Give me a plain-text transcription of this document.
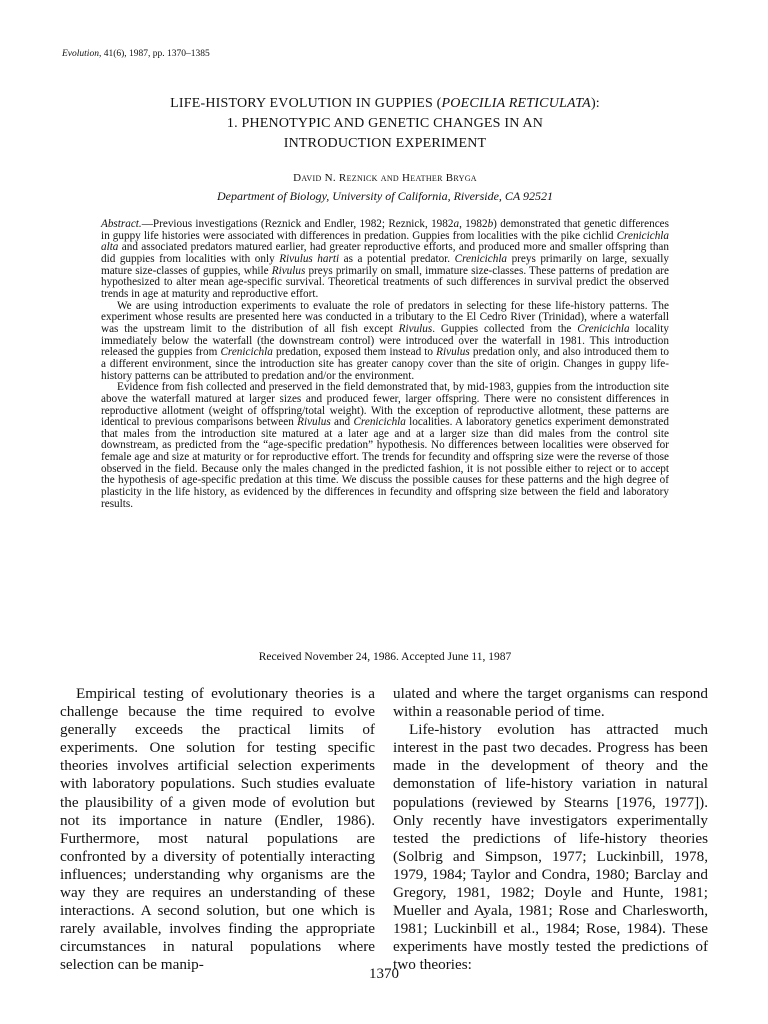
Evolution, 41(6), 1987, pp. 1370–1385
LIFE-HISTORY EVOLUTION IN GUPPIES (POECILIA RETICULATA):
1. PHENOTYPIC AND GENETIC CHANGES IN AN
INTRODUCTION EXPERIMENT
David N. Reznick and Heather Bryga
Department of Biology, University of California, Riverside, CA 92521

Abstract.—Previous investigations (Reznick and Endler, 1982; Reznick, 1982a, 1982b) demonstrated that genetic differences in guppy life histories were associated with differences in predation. Guppies from localities with the pike cichlid Crenicichla alta and associated predators matured earlier, had greater reproductive efforts, and produced more and smaller offspring than did guppies from localities with only Rivulus harti as a potential predator. Crenicichla preys primarily on large, sexually mature size-classes of guppies, while Rivulus preys primarily on small, immature size-classes. These patterns of predation are hypothesized to alter mean age-specific survival. Theoretical treatments of such differences in survival predict the observed trends in age at maturity and reproductive effort.

We are using introduction experiments to evaluate the role of predators in selecting for these life-history patterns. The experiment whose results are presented here was conducted in a tributary to the El Cedro River (Trinidad), where a waterfall was the upstream limit to the distribution of all fish except Rivulus. Guppies collected from the Crenicichla locality immediately below the waterfall (the downstream control) were introduced over the waterfall in 1981. This introduction released the guppies from Crenicichla predation, exposed them instead to Rivulus predation only, and also introduced them to a different environment, since the introduction site has greater canopy cover than the site of origin. Changes in guppy life-history patterns can be attributed to predation and/or the environment.

Evidence from fish collected and preserved in the field demonstrated that, by mid-1983, guppies from the introduction site above the waterfall matured at larger sizes and produced fewer, larger offspring. There were no consistent differences in reproductive allotment (weight of offspring/total weight). With the exception of reproductive allotment, these patterns are identical to previous comparisons between Rivulus and Crenicichla localities. A laboratory genetics experiment demonstrated that males from the introduction site matured at a later age and at a larger size than did males from the control site downstream, as predicted from the “age-specific predation” hypothesis. No differences between localities were observed for female age and size at maturity or for reproductive effort. The trends for fecundity and offspring size were the reverse of those observed in the field. Because only the males changed in the predicted fashion, it is not possible either to reject or to accept the hypothesis of age-specific predation at this time. We discuss the possible causes for these patterns and the high degree of plasticity in the life history, as evidenced by the differences in fecundity and offspring size between the field and laboratory results.

Received November 24, 1986. Accepted June 11, 1987

Empirical testing of evolutionary theories is a challenge because the time required to evolve generally exceeds the practical limits of experiments. One solution for testing specific theories involves artificial selection experiments with laboratory populations. Such studies evaluate the plausibility of a given mode of evolution but not its importance in nature (Endler, 1986). Furthermore, most natural populations are confronted by a diversity of potentially interacting influences; understanding why organisms are the way they are requires an understanding of these interactions. A second solution, but one which is rarely available, involves finding the appropriate circumstances in natural populations where selection can be manip-

ulated and where the target organisms can respond within a reasonable period of time.

Life-history evolution has attracted much interest in the past two decades. Progress has been made in the development of theory and the demonstation of life-history variation in natural populations (reviewed by Stearns [1976, 1977]). Only recently have investigators experimentally tested the predictions of life-history theories (Solbrig and Simpson, 1977; Luckinbill, 1978, 1979, 1984; Taylor and Condra, 1980; Barclay and Gregory, 1981, 1982; Doyle and Hunte, 1981; Mueller and Ayala, 1981; Rose and Charlesworth, 1981; Luckinbill et al., 1984; Rose, 1984). These experiments have mostly tested the predictions of two theories:

1370
